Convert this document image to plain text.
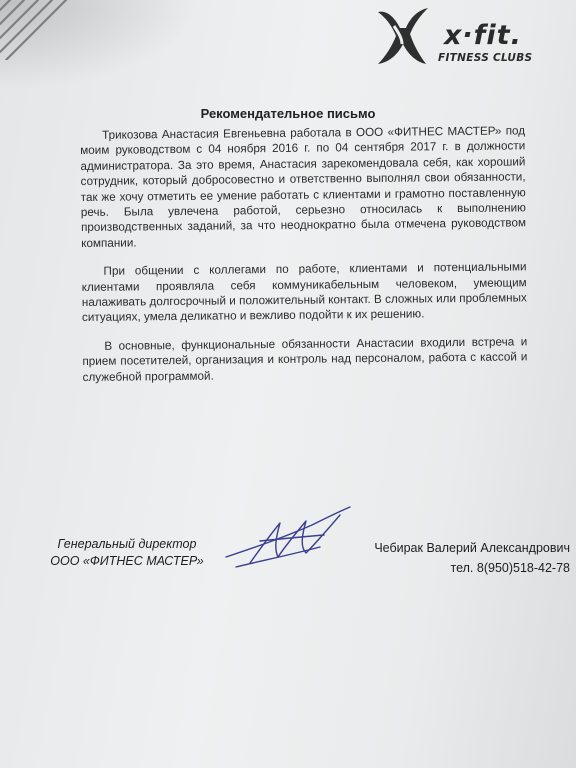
x·fit.
FITNESS CLUBS
Рекомендательное письмо

Трикозова Анастасия Евгеньевна работала в ООО «ФИТНЕС МАСТЕР» под моим руководством с 04 ноября 2016 г. по 04 сентября 2017 г. в должности администратора. За это время, Анастасия зарекомендовала себя, как хороший сотрудник, который добросовестно и ответственно выполнял свои обязанности, так же хочу отметить ее умение работать с клиентами и грамотно поставленную речь. Была увлечена работой, серьезно относилась к выполнению производственных заданий, за что неоднократно была отмечена руководством компании.

При общении с коллегами по работе, клиентами и потенциальными клиентами проявляла себя коммуникабельным человеком, умеющим налаживать долгосрочный и положительный контакт. В сложных или проблемных ситуациях, умела деликатно и вежливо подойти к их решению.

В основные, функциональные обязанности Анастасии входили встреча и прием посетителей, организация и контроль над персоналом, работа с кассой и служебной программой.

Генеральный директор
ООО «ФИТНЕС МАСТЕР»
Чебирак Валерий Александрович
тел. 8(950)518-42-78
